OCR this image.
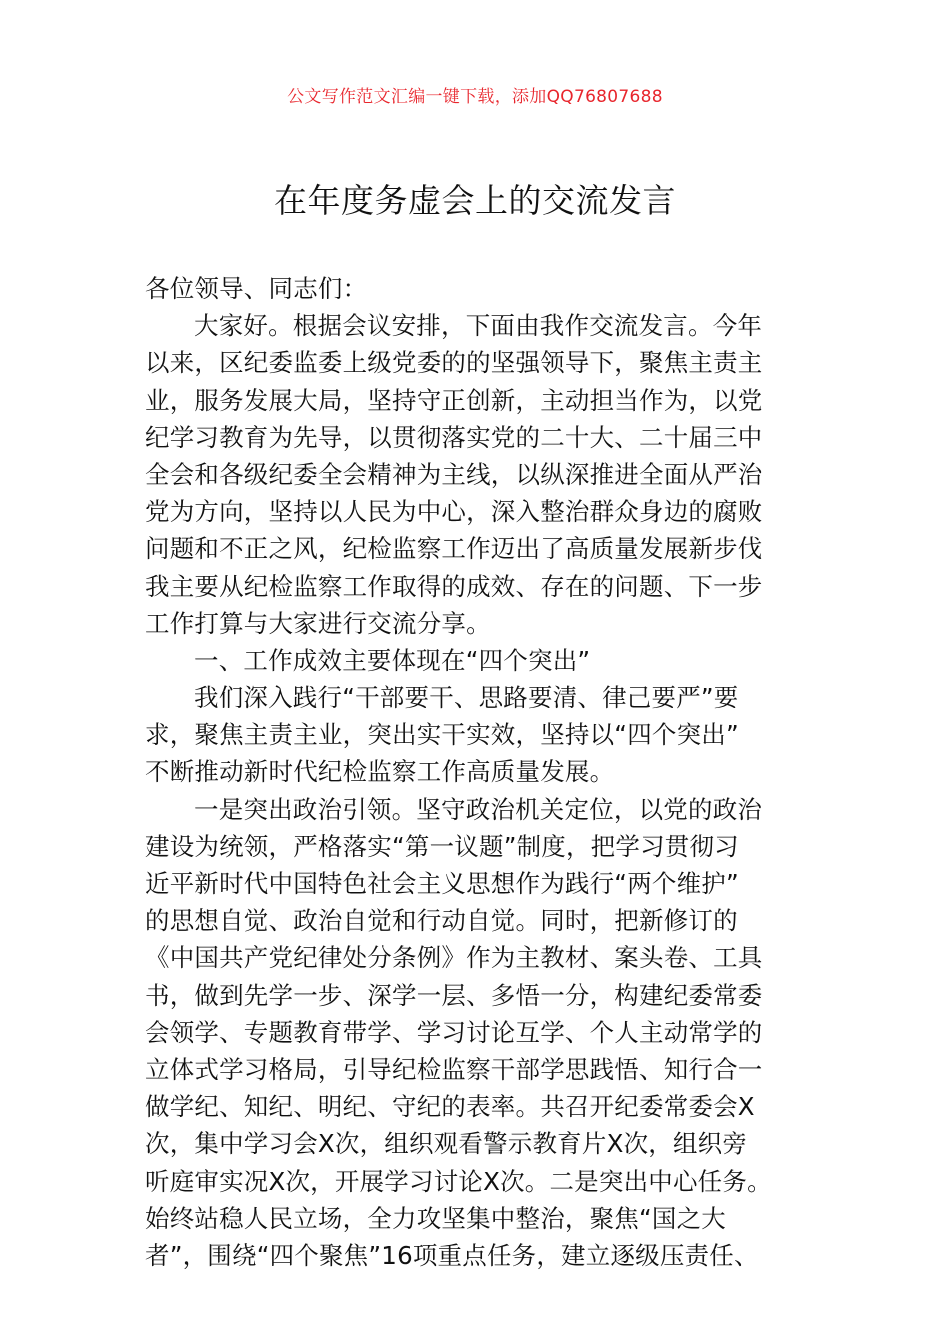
公文写作范文汇编一键下载，添加QQ76807688
在年度务虚会上的交流发言
各位领导、同志们：
大家好。根据会议安排，下面由我作交流发言。今年
以来，区纪委监委上级党委的的坚强领导下，聚焦主责主
业，服务发展大局，坚持守正创新，主动担当作为，以党
纪学习教育为先导，以贯彻落实党的二十大、二十届三中
全会和各级纪委全会精神为主线，以纵深推进全面从严治
党为方向，坚持以人民为中心，深入整治群众身边的腐败
问题和不正之风，纪检监察工作迈出了高质量发展新步伐
我主要从纪检监察工作取得的成效、存在的问题、下一步
工作打算与大家进行交流分享。
一、工作成效主要体现在“四个突出”
我们深入践行“干部要干、思路要清、律己要严”要
求，聚焦主责主业，突出实干实效，坚持以“四个突出”
不断推动新时代纪检监察工作高质量发展。
一是突出政治引领。坚守政治机关定位，以党的政治
建设为统领，严格落实“第一议题”制度，把学习贯彻习
近平新时代中国特色社会主义思想作为践行“两个维护”
的思想自觉、政治自觉和行动自觉。同时，把新修订的
《中国共产党纪律处分条例》作为主教材、案头卷、工具
书，做到先学一步、深学一层、多悟一分，构建纪委常委
会领学、专题教育带学、学习讨论互学、个人主动常学的
立体式学习格局，引导纪检监察干部学思践悟、知行合一
做学纪、知纪、明纪、守纪的表率。共召开纪委常委会X
次，集中学习会X次，组织观看警示教育片X次，组织旁
听庭审实况X次，开展学习讨论X次。二是突出中心任务。
始终站稳人民立场，全力攻坚集中整治，聚焦“国之大
者”，围绕“四个聚焦”16项重点任务，建立逐级压责任、
